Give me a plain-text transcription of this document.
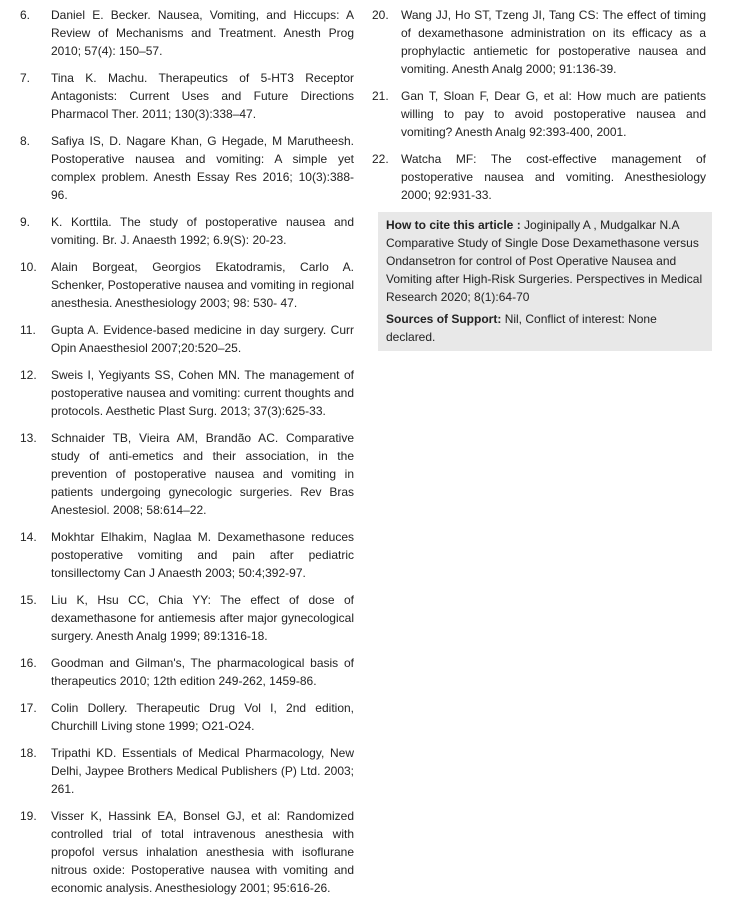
6.	Daniel E. Becker. Nausea, Vomiting, and Hiccups: A Review of Mechanisms and Treatment. Anesth Prog 2010; 57(4): 150–57.
7.	Tina K. Machu. Therapeutics of 5-HT3 Receptor Antagonists: Current Uses and Future Directions Pharmacol Ther. 2011; 130(3):338–47.
8.	Safiya IS, D. Nagare Khan, G Hegade, M Marutheesh. Postoperative nausea and vomiting: A simple yet complex problem. Anesth Essay Res 2016; 10(3):388-96.
9.	K. Korttila. The study of postoperative nausea and vomiting. Br. J. Anaesth 1992; 6.9(S): 20-23.
10.	Alain Borgeat, Georgios Ekatodramis, Carlo A. Schenker, Postoperative nausea and vomiting in regional anesthesia. Anesthesiology 2003; 98: 530- 47.
11.	Gupta A. Evidence-based medicine in day surgery. Curr Opin Anaesthesiol 2007;20:520–25.
12.	Sweis I, Yegiyants SS, Cohen MN. The management of postoperative nausea and vomiting: current thoughts and protocols. Aesthetic Plast Surg. 2013; 37(3):625-33.
13.	Schnaider TB, Vieira AM, Brandão AC. Comparative study of anti-emetics and their association, in the prevention of postoperative nausea and vomiting in patients undergoing gynecologic surgeries. Rev Bras Anestesiol. 2008; 58:614–22.
14.	Mokhtar Elhakim, Naglaa M. Dexamethasone reduces postoperative vomiting and pain after pediatric tonsillectomy Can J Anaesth 2003; 50:4;392-97.
15.	Liu K, Hsu CC, Chia YY: The effect of dose of dexamethasone for antiemesis after major gynecological surgery. Anesth Analg 1999; 89:1316-18.
16.	Goodman and Gilman's, The pharmacological basis of therapeutics 2010; 12th edition 249-262, 1459-86.
17.	Colin Dollery. Therapeutic Drug Vol I, 2nd edition, Churchill Living stone 1999; O21-O24.
18.	Tripathi KD. Essentials of Medical Pharmacology, New Delhi, Jaypee Brothers Medical Publishers (P) Ltd. 2003; 261.
19.	Visser K, Hassink EA, Bonsel GJ, et al: Randomized controlled trial of total intravenous anesthesia with propofol versus inhalation anesthesia with isoflurane nitrous oxide: Postoperative nausea with vomiting and economic analysis. Anesthesiology 2001; 95:616-26.
20.	Wang JJ, Ho ST, Tzeng JI, Tang CS: The effect of timing of dexamethasone administration on its efficacy as a prophylactic antiemetic for postoperative nausea and vomiting. Anesth Analg 2000; 91:136-39.
21.	Gan T, Sloan F, Dear G, et al: How much are patients willing to pay to avoid postoperative nausea and vomiting? Anesth Analg 92:393-400, 2001.
22.	Watcha MF: The cost-effective management of postoperative nausea and vomiting. Anesthesiology 2000; 92:931-33.

How to cite this article : Joginipally A , Mudgalkar N.A Comparative Study of Single Dose Dexamethasone versus Ondansetron for control of Post Operative Nausea and Vomiting after High-Risk Surgeries. Perspectives in Medical Research 2020; 8(1):64-70

Sources of Support: Nil, Conflict of interest: None declared.
